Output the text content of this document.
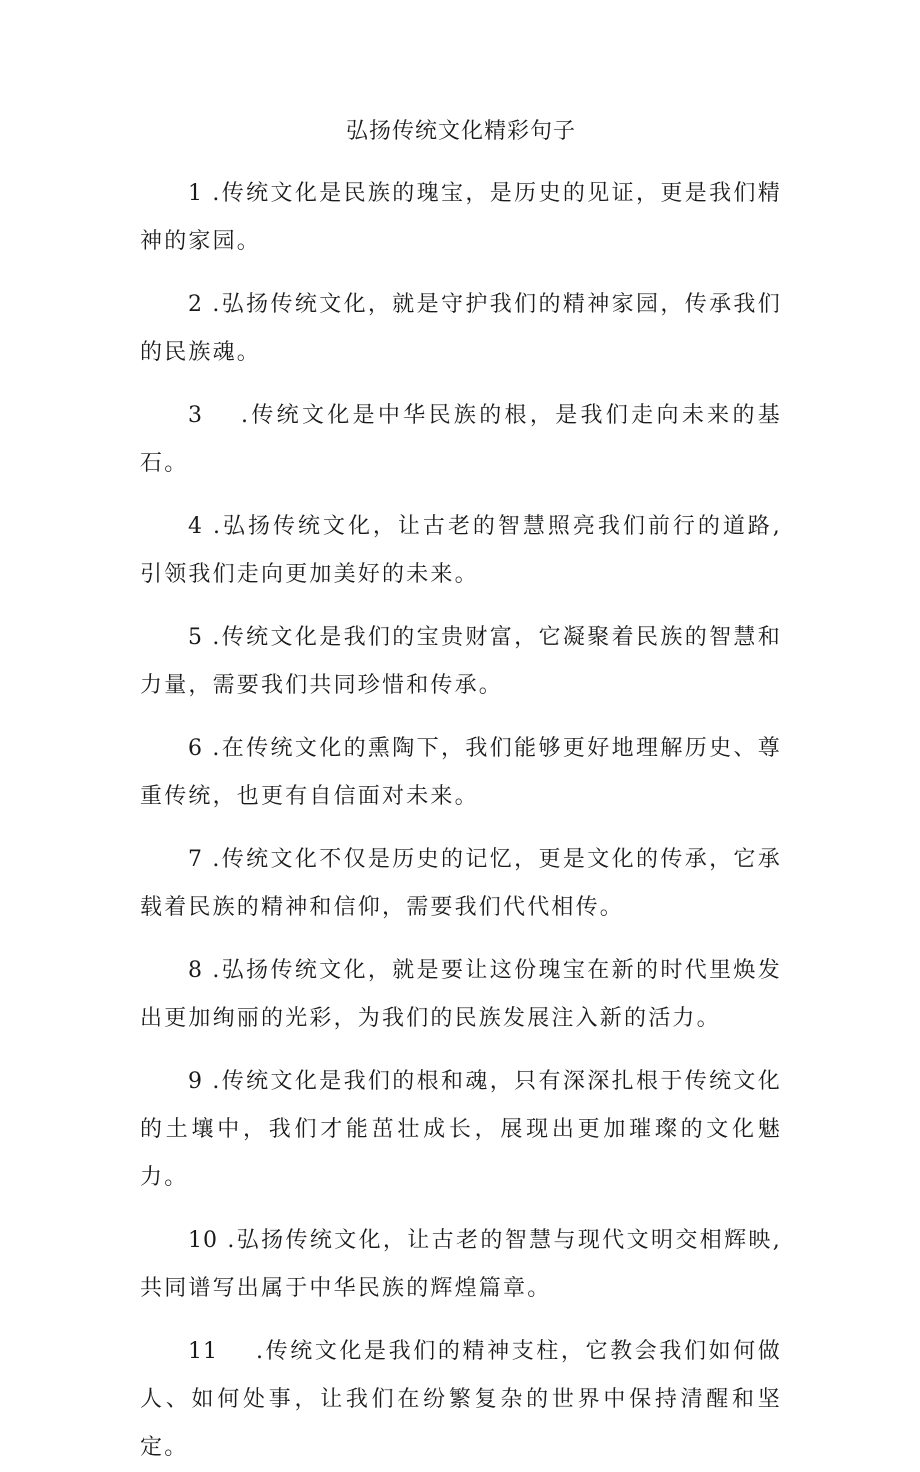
弘扬传统文化精彩句子

1 .传统文化是民族的瑰宝，是历史的见证，更是我们精神的家园。

2 .弘扬传统文化，就是守护我们的精神家园，传承我们的民族魂。

3 .传统文化是中华民族的根，是我们走向未来的基石。

4 .弘扬传统文化，让古老的智慧照亮我们前行的道路,引领我们走向更加美好的未来。

5 .传统文化是我们的宝贵财富，它凝聚着民族的智慧和力量，需要我们共同珍惜和传承。

6 .在传统文化的熏陶下，我们能够更好地理解历史、尊重传统，也更有自信面对未来。

7 .传统文化不仅是历史的记忆，更是文化的传承，它承载着民族的精神和信仰，需要我们代代相传。

8 .弘扬传统文化，就是要让这份瑰宝在新的时代里焕发出更加绚丽的光彩，为我们的民族发展注入新的活力。

9 .传统文化是我们的根和魂，只有深深扎根于传统文化的土壤中，我们才能茁壮成长，展现出更加璀璨的文化魅力。

10 .弘扬传统文化，让古老的智慧与现代文明交相辉映,共同谱写出属于中华民族的辉煌篇章。

11 .传统文化是我们的精神支柱，它教会我们如何做人、如何处事，让我们在纷繁复杂的世界中保持清醒和坚定。
